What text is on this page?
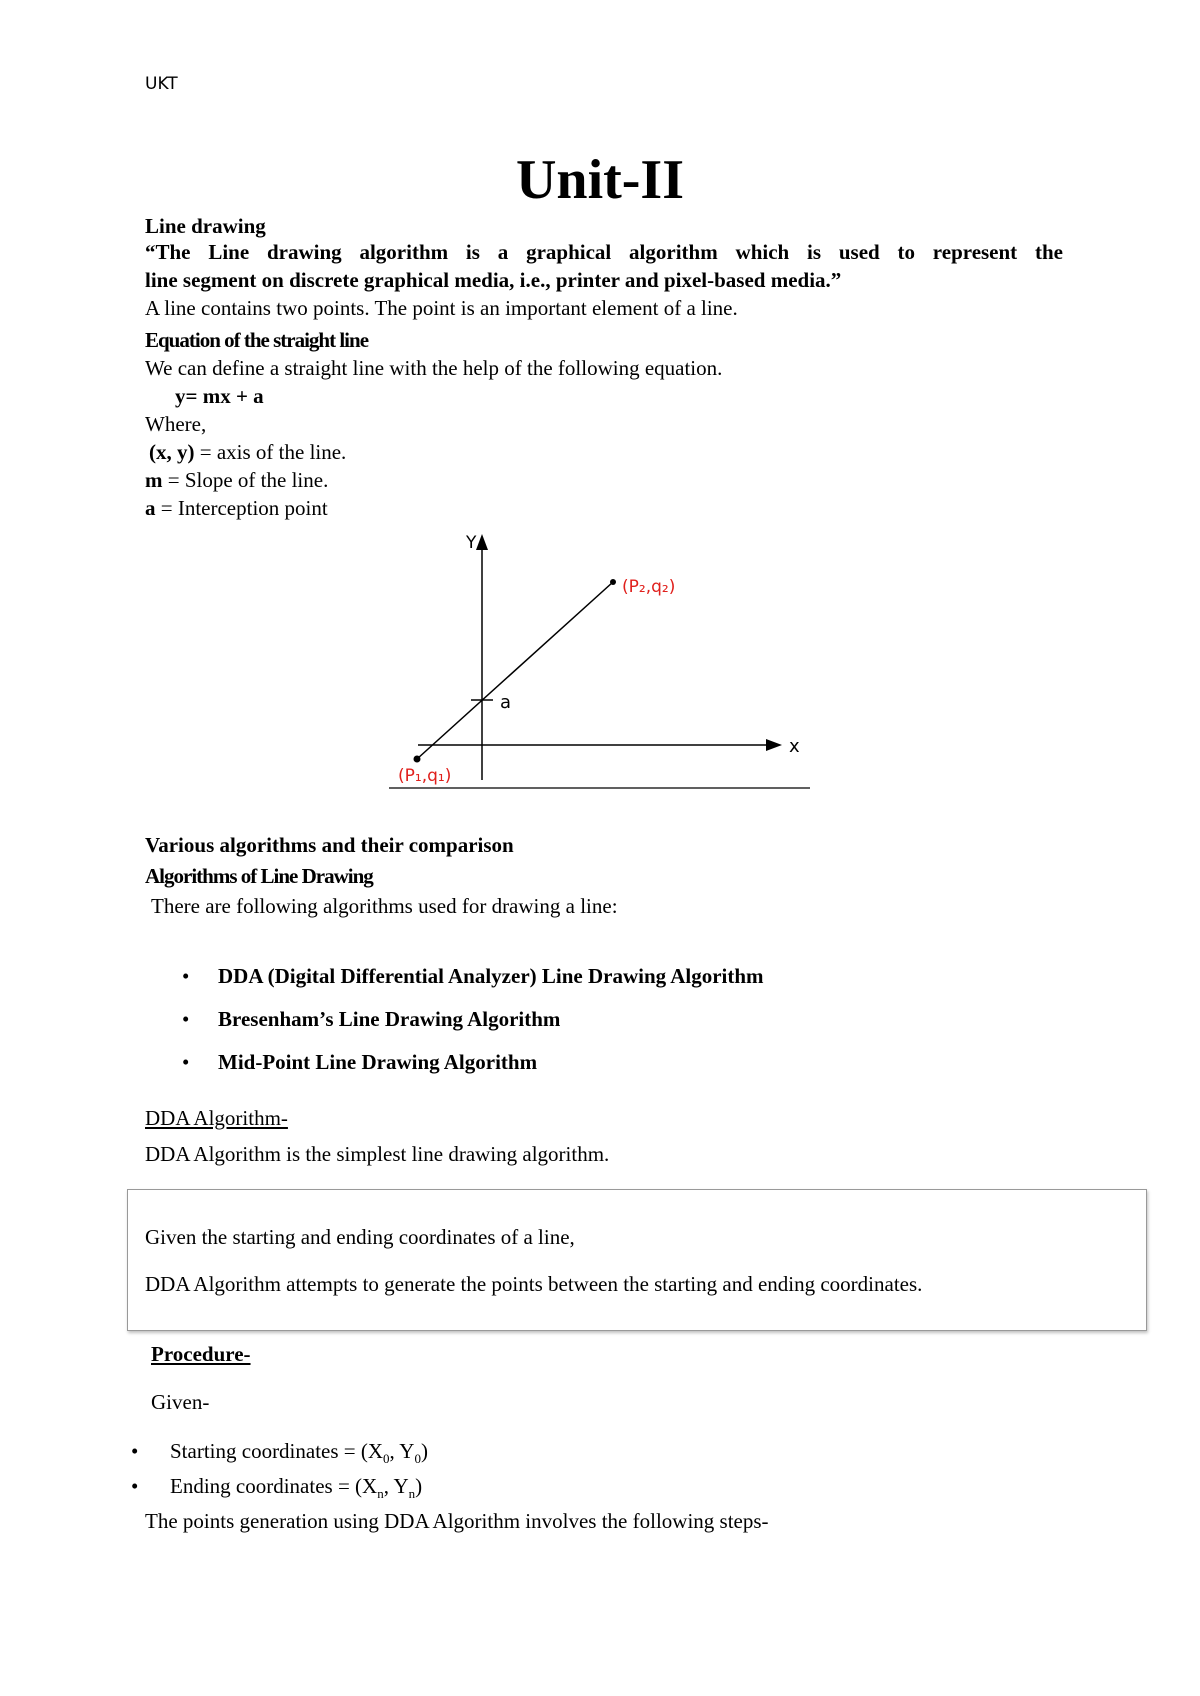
UKT
Unit-II
Line drawing
“The Line drawing algorithm is a graphical algorithm which is used to represent the
line segment on discrete graphical media, i.e., printer and pixel-based media.”
A line contains two points. The point is an important element of a line.
Equation of the straight line
We can define a straight line with the help of the following equation.
y= mx + a
Where,
(x, y) = axis of the line.
m = Slope of the line.
a = Interception point
Y
x
a
(P₂,q₂)
(P₁,q₁)
Various algorithms and their comparison
Algorithms of Line Drawing
There are following algorithms used for drawing a line:
• DDA (Digital Differential Analyzer) Line Drawing Algorithm
• Bresenham’s Line Drawing Algorithm
• Mid-Point Line Drawing Algorithm
DDA Algorithm-
DDA Algorithm is the simplest line drawing algorithm.
Given the starting and ending coordinates of a line,
DDA Algorithm attempts to generate the points between the starting and ending coordinates.
Procedure-
Given-
• Starting coordinates = ($X_0$, $Y_0$)
• Ending coordinates = ($X_n$, $Y_n$)
The points generation using DDA Algorithm involves the following steps-
